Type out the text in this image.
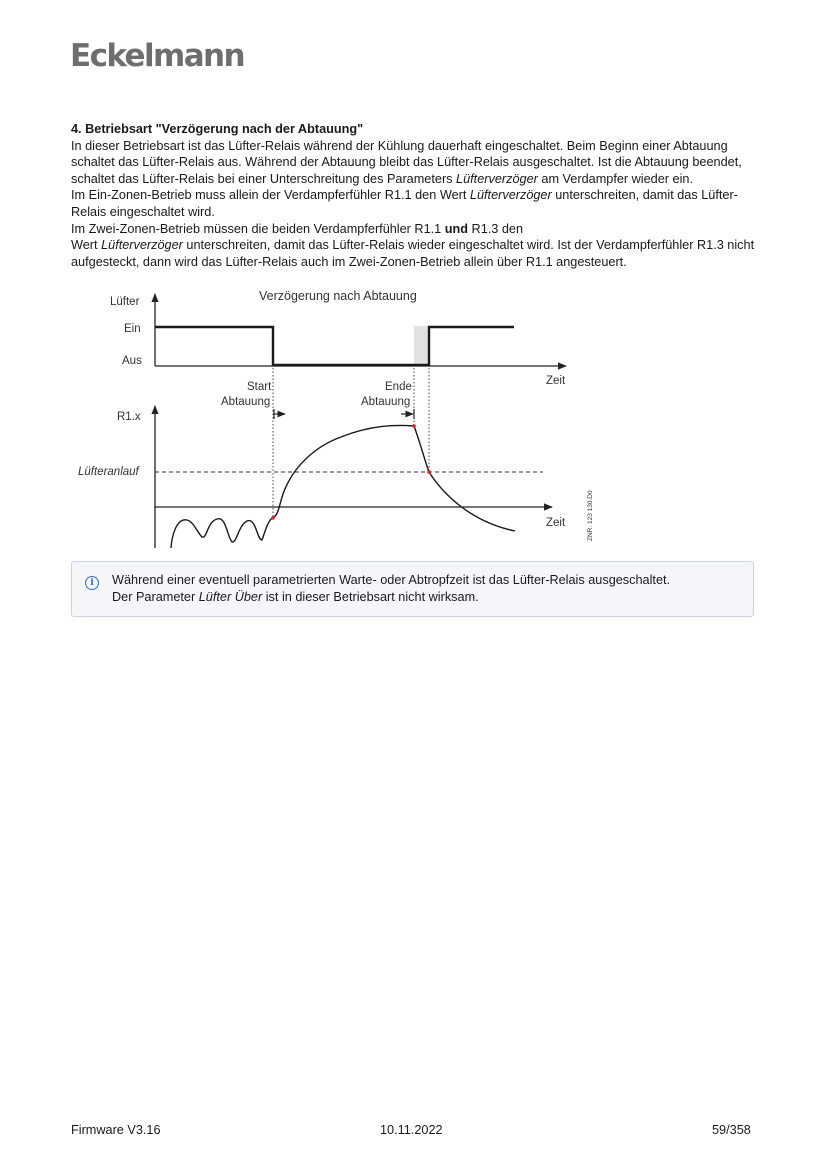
Eckelmann

4. Betriebsart "Verzögerung nach der Abtauung"

In dieser Betriebsart ist das Lüfter-Relais während der Kühlung dauerhaft eingeschaltet. Beim Beginn einer Abtauung schaltet das Lüfter-Relais aus. Während der Abtauung bleibt das Lüfter-Relais ausgeschaltet. Ist die Abtauung beendet, schaltet das Lüfter-Relais bei einer Unterschreitung des Parameters Lüfterverzöger am Verdampfer wieder ein.

Im Ein-Zonen-Betrieb muss allein der Verdampferfühler R1.1 den Wert Lüfterverzöger unterschreiten, damit das Lüfter-Relais eingeschaltet wird.

Im Zwei-Zonen-Betrieb müssen die beiden Verdampferfühler R1.1 und R1.3 den
Wert Lüfterverzöger unterschreiten, damit das Lüfter-Relais wieder eingeschaltet wird. Ist der Verdampferfühler R1.3 nicht aufgesteckt, dann wird das Lüfter-Relais auch im Zwei-Zonen-Betrieb allein über R1.1 angesteuert.

Verzögerung nach Abtauung
Lüfter
Ein
Aus
Zeit
Start
Abtauung
Ende
Abtauung
R1.x
Zeit
Lüfteranlauf
ZNR. 123 130.D0
i	Während einer eventuell parametrierten Warte- oder Abtropfzeit ist das Lüfter-Relais ausgeschaltet.

Der Parameter Lüfter Über ist in dieser Betriebsart nicht wirksam.

Firmware V3.16	10.11.2022	59/358
